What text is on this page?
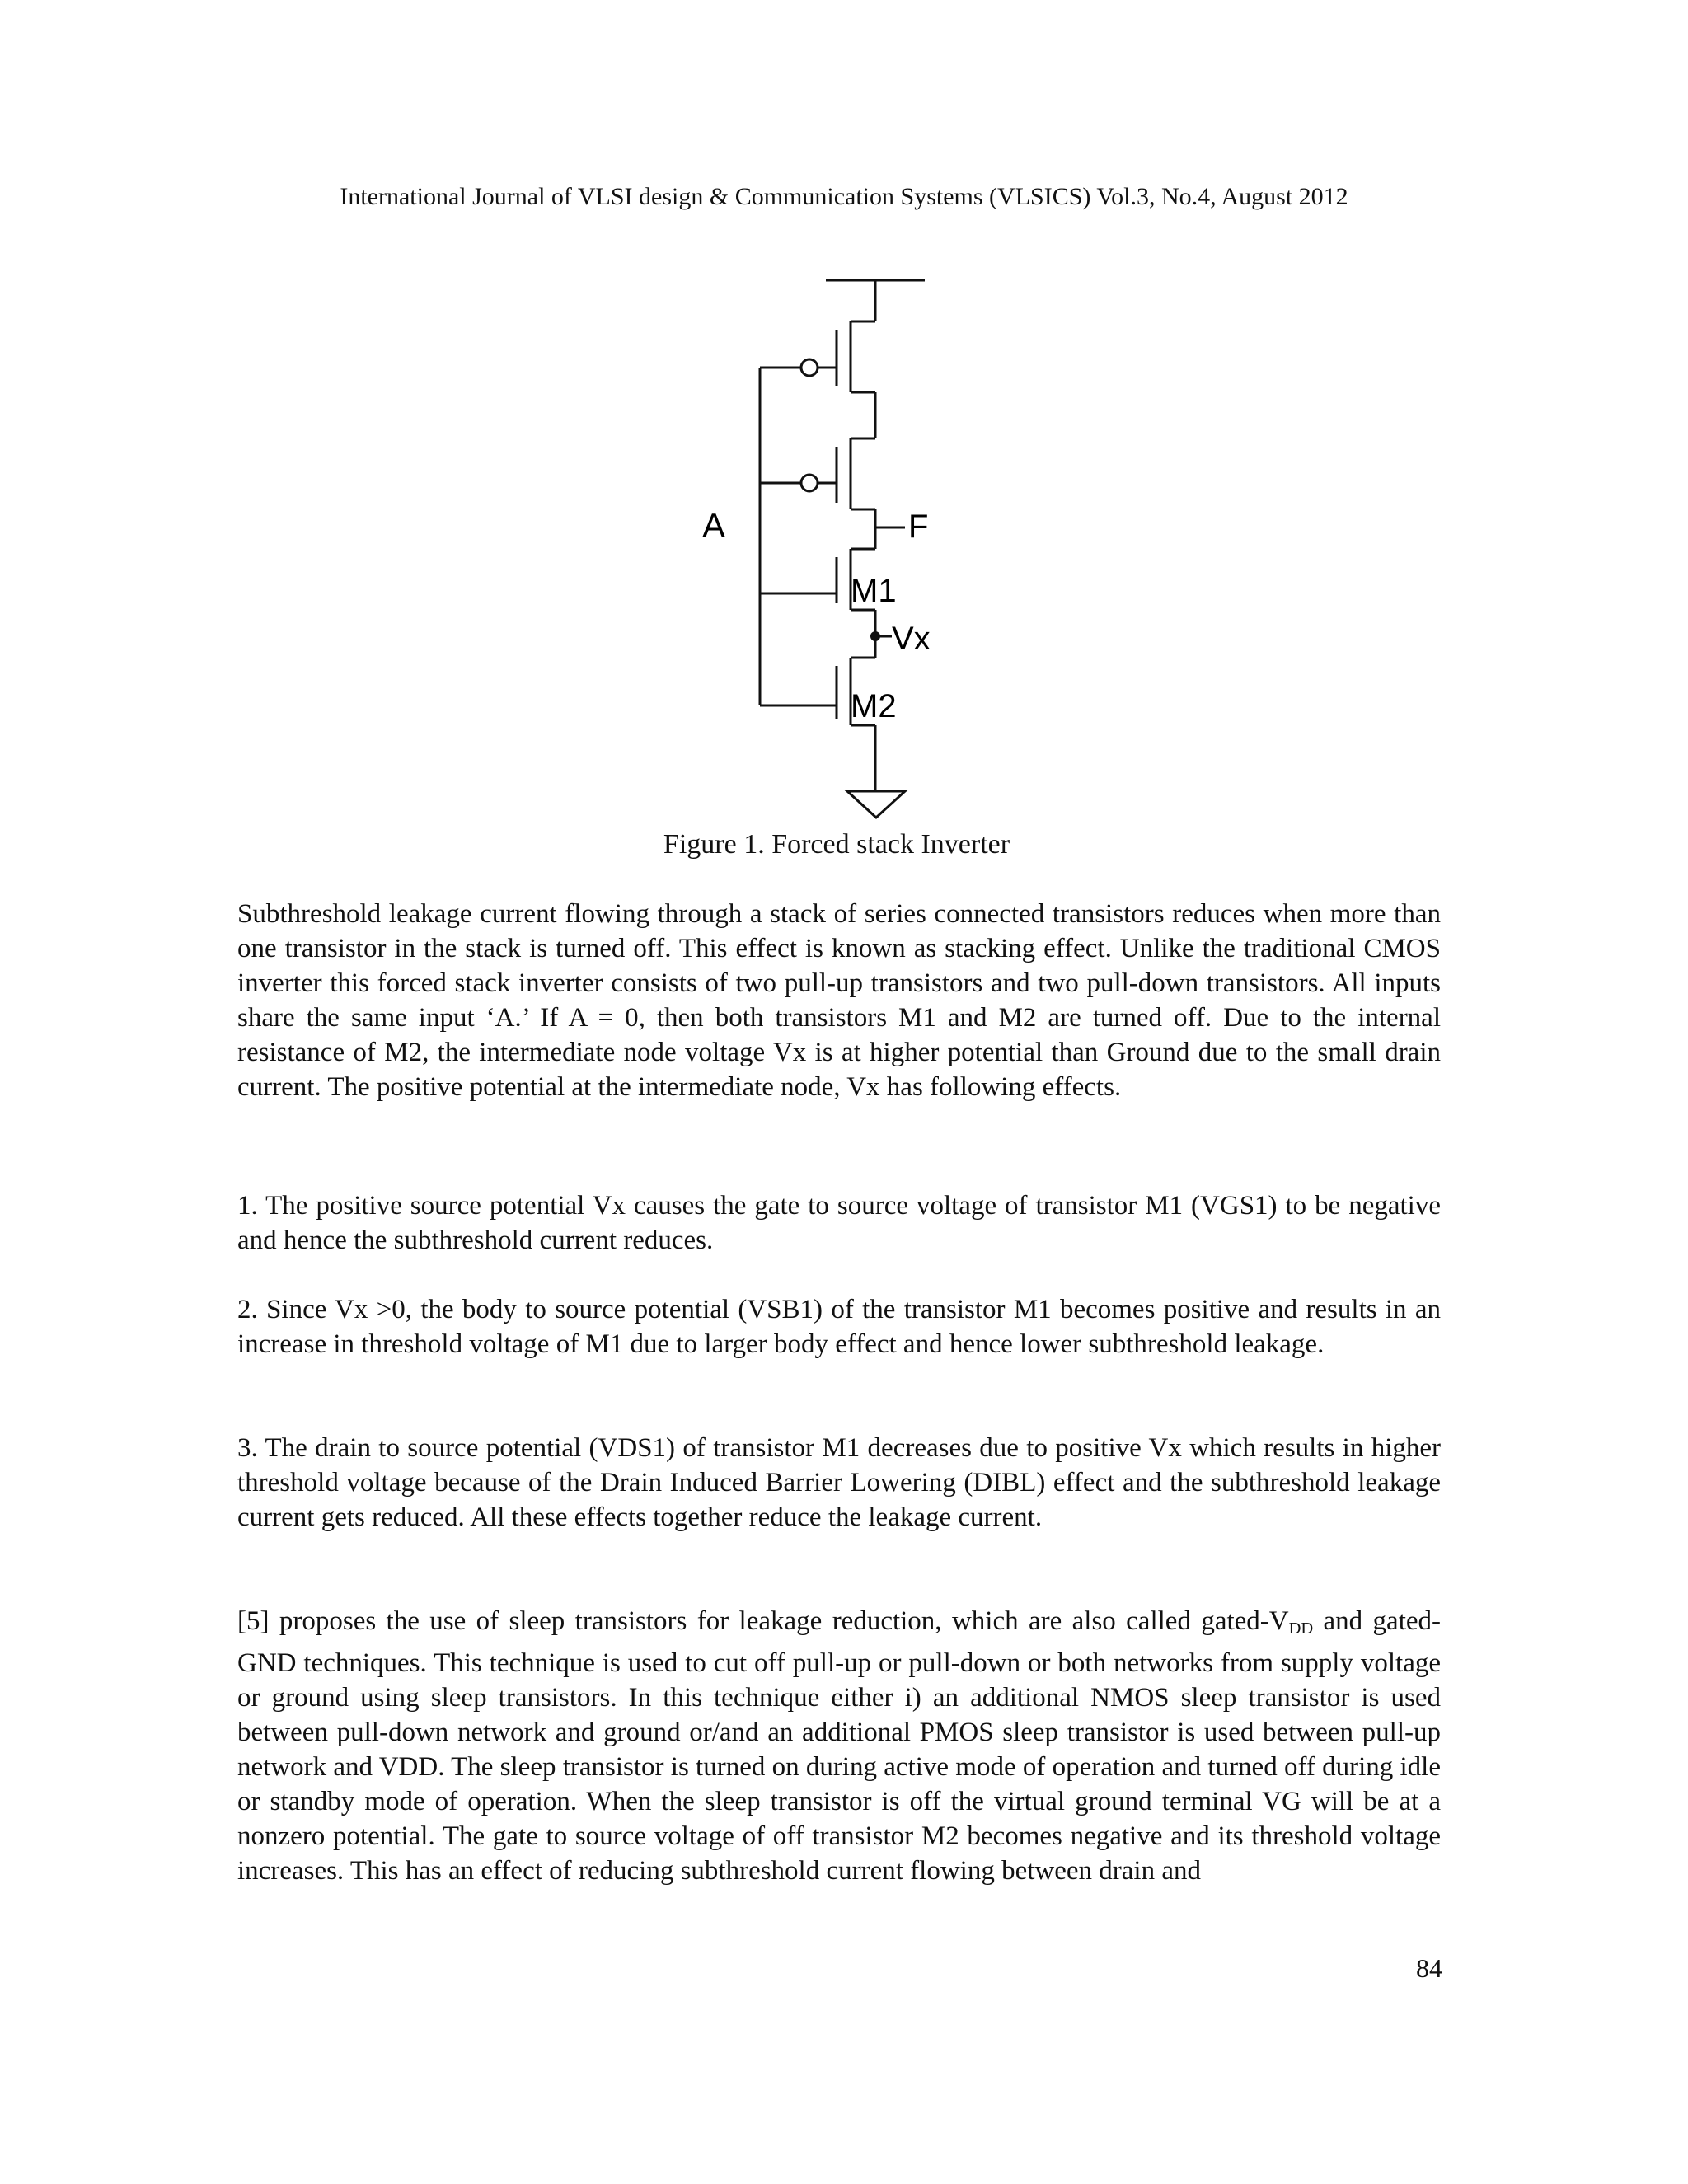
International Journal of VLSI design & Communication Systems (VLSICS) Vol.3, No.4, August 2012
A	F
M1
Vx
M2
Figure 1. Forced stack Inverter

Subthreshold leakage current flowing through a stack of series connected transistors reduces when more than one transistor in the stack is turned off. This effect is known as stacking effect. Unlike the traditional CMOS inverter this forced stack inverter consists of two pull-up transistors and two pull-down transistors. All inputs share the same input ‘A.’ If A = 0, then both transistors M1 and M2 are turned off. Due to the internal resistance of M2, the intermediate node voltage Vx is at higher potential than Ground due to the small drain current. The positive potential at the intermediate node, Vx has following effects.

1. The positive source potential Vx causes the gate to source voltage of transistor M1 (VGS1) to be negative and hence the subthreshold current reduces.

2. Since Vx >0, the body to source potential (VSB1) of the transistor M1 becomes positive and results in an increase in threshold voltage of M1 due to larger body effect and hence lower subthreshold leakage.

3. The drain to source potential (VDS1) of transistor M1 decreases due to positive Vx which results in higher threshold voltage because of the Drain Induced Barrier Lowering (DIBL) effect and the subthreshold leakage current gets reduced. All these effects together reduce the leakage current.

[5] proposes the use of sleep transistors for leakage reduction, which are also called gated-$V_{DD}$ and gated-GND techniques. This technique is used to cut off pull-up or pull-down or both networks from supply voltage or ground using sleep transistors. In this technique either i) an additional NMOS sleep transistor is used between pull-down network and ground or/and an additional PMOS sleep transistor is used between pull-up network and VDD. The sleep transistor is turned on during active mode of operation and turned off during idle or standby mode of operation. When the sleep transistor is off the virtual ground terminal VG will be at a nonzero potential. The gate to source voltage of off transistor M2 becomes negative and its threshold voltage increases. This has an effect of reducing subthreshold current flowing between drain and

84
